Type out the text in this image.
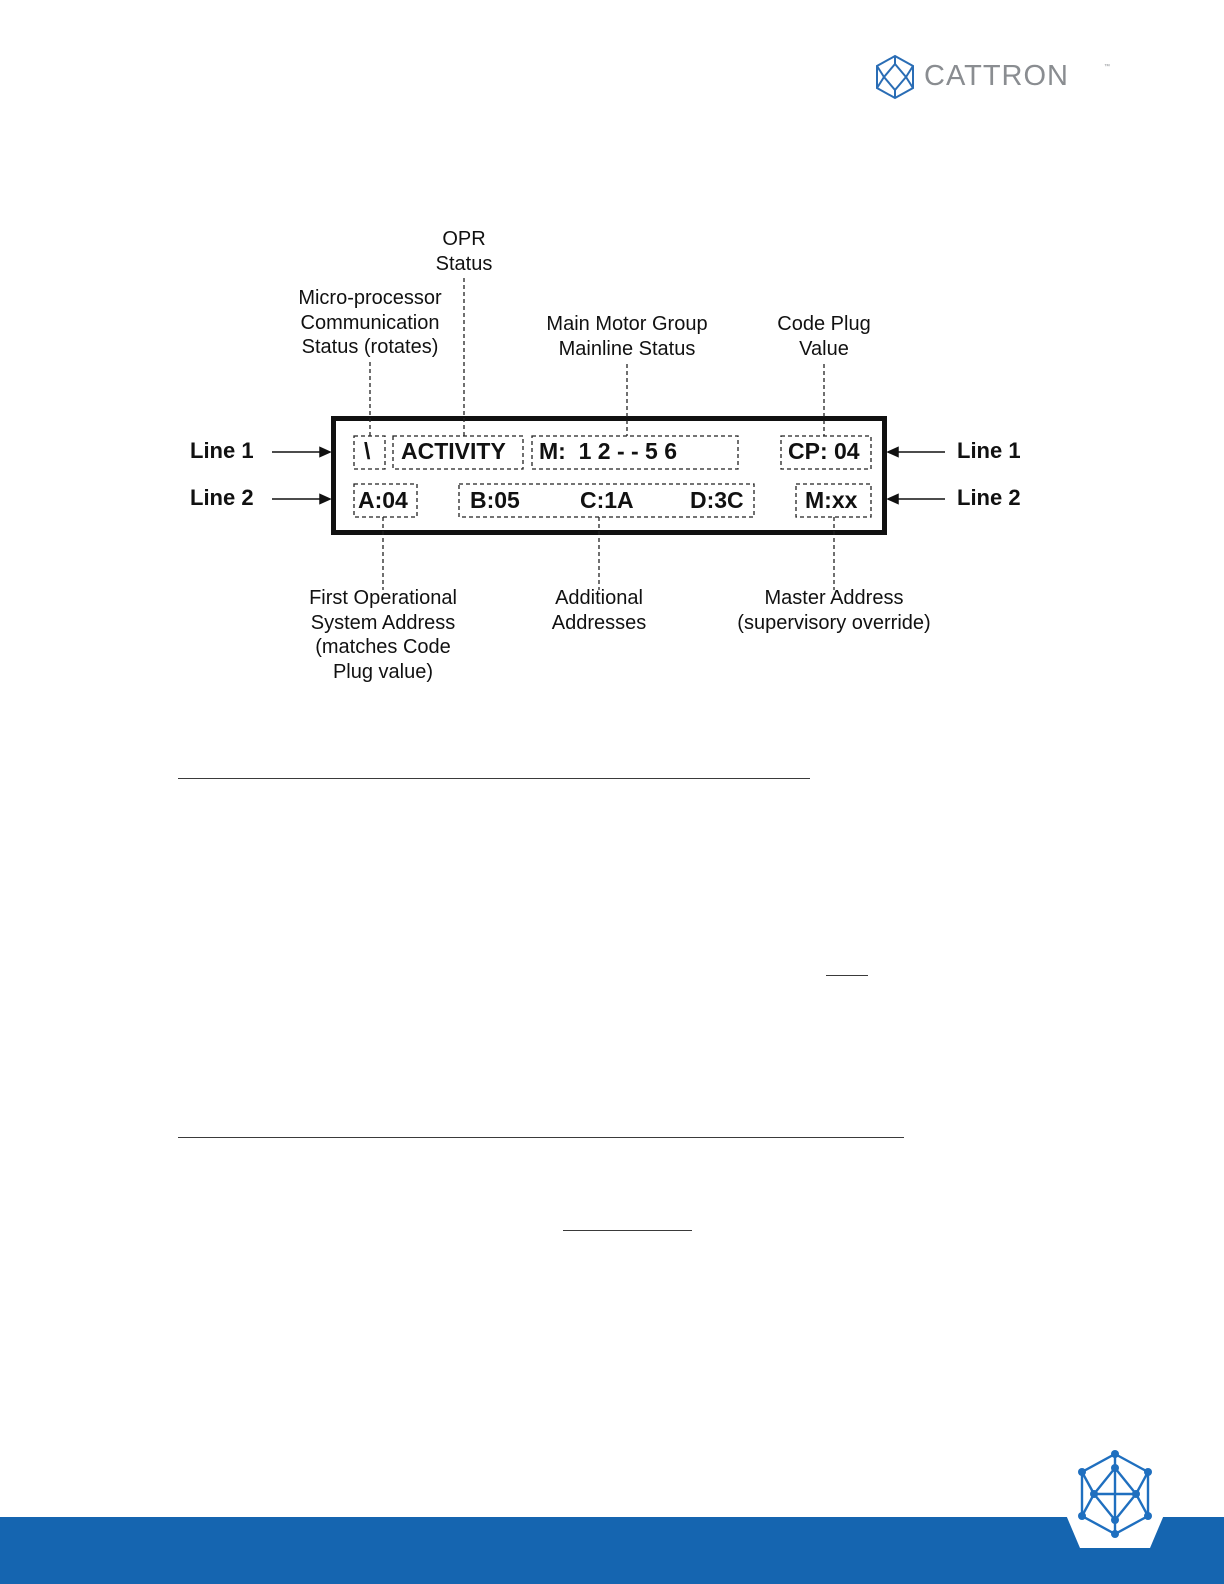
CATTRON	™
OPR
Status
Micro-processor
Communication
Status (rotates)
Main Motor Group
Mainline Status
Code Plug
Value
First Operational
System Address
(matches Code
Plug value)
Additional
Addresses
Master Address
(supervisory override)
Line 1
Line 2
Line 1
Line 2
\ ACTIVITY M:  1 2 - - 5 6	CP: 04
A:04	B:05	C:1A D:3C	M:xx
